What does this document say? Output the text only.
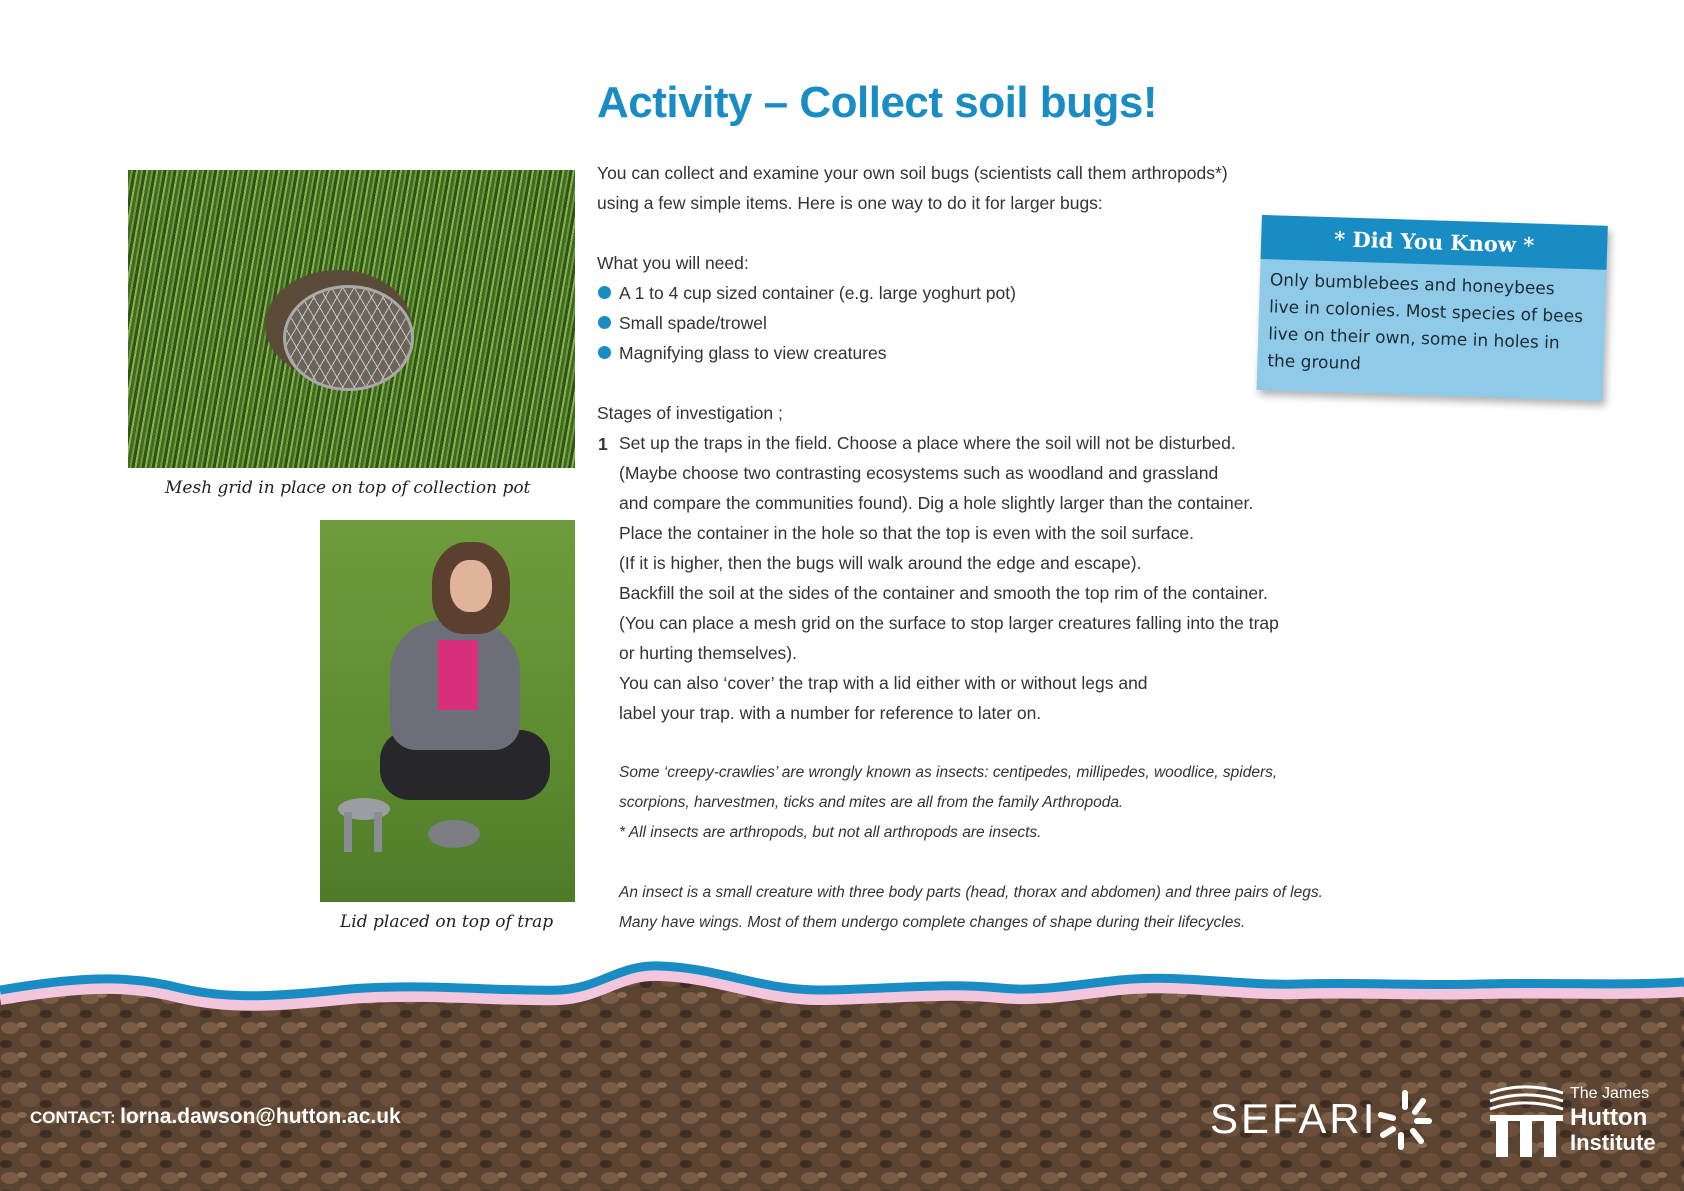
Activity – Collect soil bugs!
Mesh grid in place on top of collection pot
Lid placed on top of trap
You can collect and examine your own soil bugs (scientists call them arthropods*)
using a few simple items. Here is one way to do it for larger bugs:
What you will need:
A 1 to 4 cup sized container (e.g. large yoghurt pot)
Small spade/trowel
Magnifying glass to view creatures
Stages of investigation ;
1 Set up the traps in the field. Choose a place where the soil will not be disturbed.
(Maybe choose two contrasting ecosystems such as woodland and grassland
and compare the communities found). Dig a hole slightly larger than the container.
Place the container in the hole so that the top is even with the soil surface.
(If it is higher, then the bugs will walk around the edge and escape).
Backfill the soil at the sides of the container and smooth the top rim of the container.
(You can place a mesh grid on the surface to stop larger creatures falling into the trap
or hurting themselves).
You can also ‘cover’ the trap with a lid either with or without legs and
label your trap. with a number for reference to later on.
Some ‘creepy-crawlies’ are wrongly known as insects: centipedes, millipedes, woodlice, spiders,
scorpions, harvestmen, ticks and mites are all from the family Arthropoda.
* All insects are arthropods, but not all arthropods are insects.
An insect is a small creature with three body parts (head, thorax and abdomen) and three pairs of legs.
Many have wings. Most of them undergo complete changes of shape during their lifecycles.
* Did You Know *
Only bumblebees and honeybees
live in colonies. Most species of bees
live on their own, some in holes in
the ground
CONTACT: lorna.dawson@hutton.ac.uk	SEFARI
The James
Hutton
Institute
